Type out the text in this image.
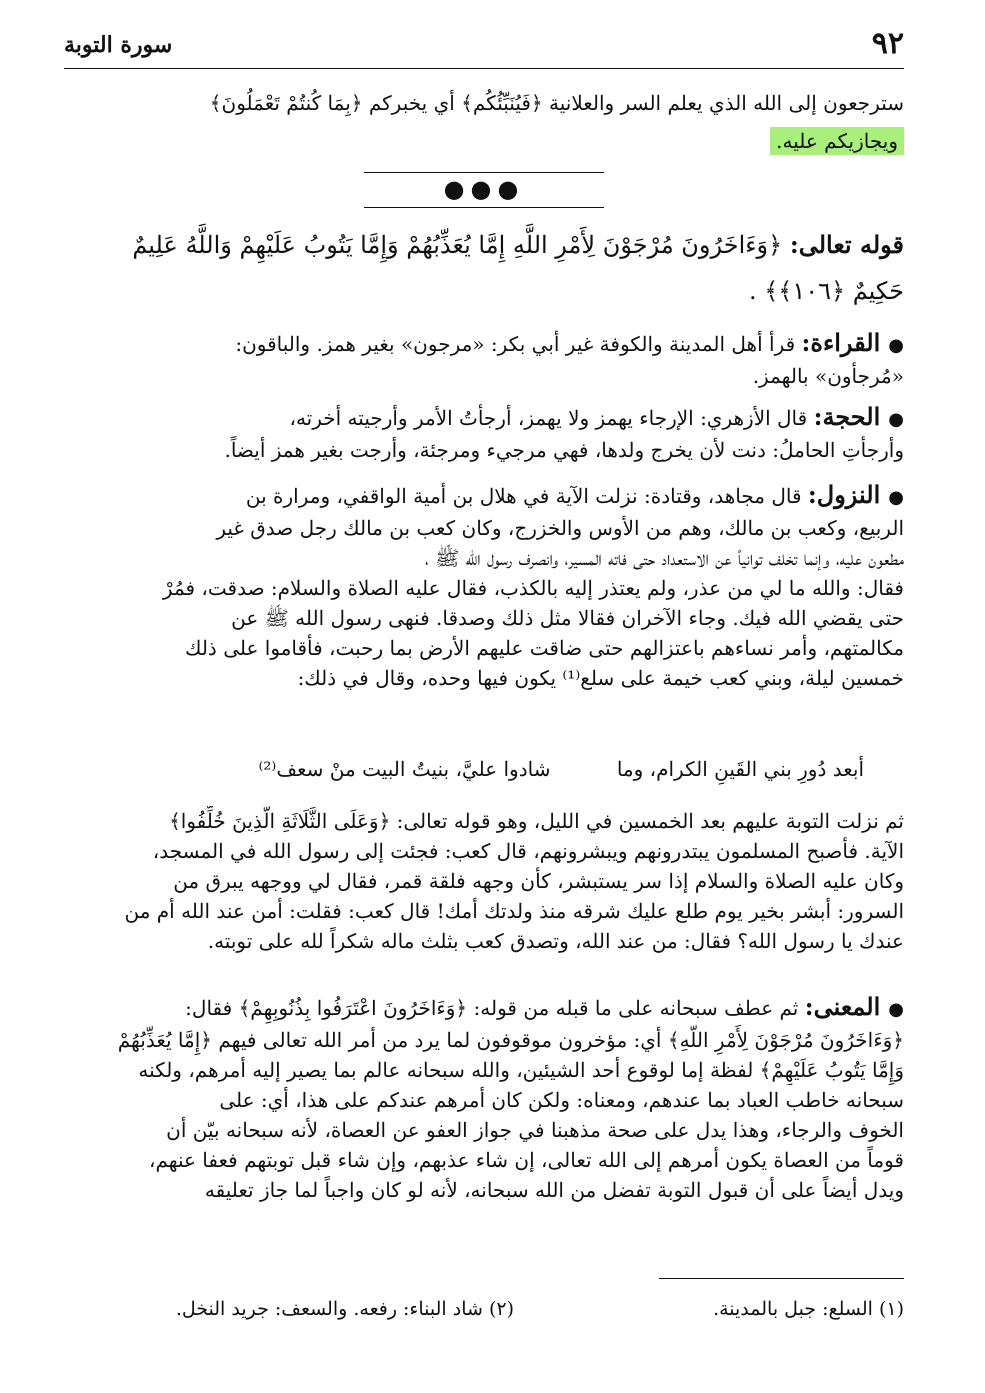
٩٢
سورة التوبة
سترجعون إلى الله الذي يعلم السر والعلانية ﴿فَيُنَبِّئُكُم﴾ أي يخبركم ﴿بِمَا كُنتُمْ تَعْمَلُونَ﴾
ويجازيكم عليه.
●●●
قوله تعالى: ﴿وَءَاخَرُونَ مُرْجَوْنَ لِأَمْرِ اللَّهِ إِمَّا يُعَذِّبُهُمْ وَإِمَّا يَتُوبُ عَلَيْهِمْ وَاللَّهُ عَلِيمٌ
حَكِيمٌ ﴿١٠٦﴾﴾ .
●القراءة: قرأ أهل المدينة والكوفة غير أبي بكر: «مرجون» بغير همز. والباقون:
«مُرجأون» بالهمز.
●الحجة: قال الأزهري: الإرجاء يهمز ولا يهمز، أرجأتُ الأمر وأرجيته أخرته،
وأرجأتِ الحاملُ: دنت لأن يخرج ولدها، فهي مرجيء ومرجئة، وأرجت بغير همز أيضاً.
●النزول: قال مجاهد، وقتادة: نزلت الآية في هلال بن أمية الواقفي، ومرارة بن
الربيع، وكعب بن مالك، وهم من الأوس والخزرج، وكان كعب بن مالك رجل صدق غير
مطعون عليه، وإنما تخلف توانياً عن الاستعداد حتى فاته المسير، وانصرف رسول الله ﷺ ،
فقال: والله ما لي من عذر، ولم يعتذر إليه بالكذب، فقال عليه الصلاة والسلام: صدقت، فمُرْ
حتى يقضي الله فيك. وجاء الآخران فقالا مثل ذلك وصدقا. فنهى رسول الله ﷺ عن
مكالمتهم، وأمر نساءهم باعتزالهم حتى ضاقت عليهم الأرض بما رحبت، فأقاموا على ذلك
خمسين ليلة، وبني كعب خيمة على سلع⁽¹⁾ يكون فيها وحده، وقال في ذلك:
أبعد دُورِ بني القَينِ الكرام، وما شادوا عليَّ، بنيتُ البيت منْ سعف⁽²⁾
ثم نزلت التوبة عليهم بعد الخمسين في الليل، وهو قوله تعالى: ﴿وَعَلَى الثَّلَاثَةِ الَّذِينَ خُلِّفُوا﴾
الآية. فأصبح المسلمون يبتدرونهم ويبشرونهم، قال كعب: فجئت إلى رسول الله في المسجد،
وكان عليه الصلاة والسلام إذا سر يستبشر، كأن وجهه فلقة قمر، فقال لي ووجهه يبرق من
السرور: أبشر بخير يوم طلع عليك شرقه منذ ولدتك أمك! قال كعب: فقلت: أمن عند الله أم من
عندك يا رسول الله؟ فقال: من عند الله، وتصدق كعب بثلث ماله شكراً لله على توبته.
●المعنى: ثم عطف سبحانه على ما قبله من قوله: ﴿وَءَاخَرُونَ اعْتَرَفُوا بِذُنُوبِهِمْ﴾ فقال:
﴿وَءَاخَرُونَ مُرْجَوْنَ لِأَمْرِ اللَّهِ﴾ أي: مؤخرون موقوفون لما يرد من أمر الله تعالى فيهم ﴿إِمَّا يُعَذِّبُهُمْ
وَإِمَّا يَتُوبُ عَلَيْهِمْ﴾ لفظة إما لوقوع أحد الشيئين، والله سبحانه عالم بما يصير إليه أمرهم، ولكنه
سبحانه خاطب العباد بما عندهم، ومعناه: ولكن كان أمرهم عندكم على هذا، أي: على
الخوف والرجاء، وهذا يدل على صحة مذهبنا في جواز العفو عن العصاة، لأنه سبحانه بيّن أن
قوماً من العصاة يكون أمرهم إلى الله تعالى، إن شاء عذبهم، وإن شاء قبل توبتهم فعفا عنهم،
ويدل أيضاً على أن قبول التوبة تفضل من الله سبحانه، لأنه لو كان واجباً لما جاز تعليقه
(١) السلع: جبل بالمدينة.
(٢) شاد البناء: رفعه. والسعف: جريد النخل.
